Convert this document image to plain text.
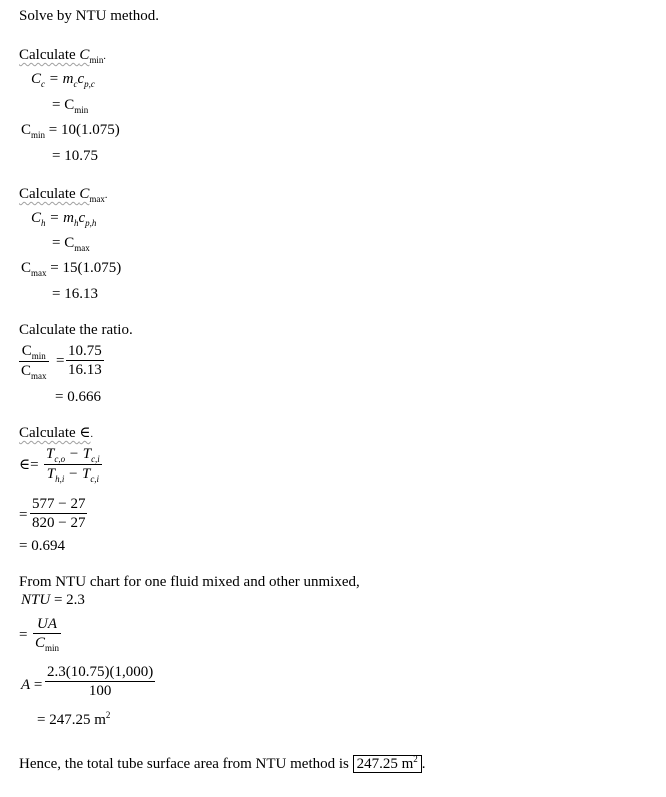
Solve by NTU method.
Calculate $C_{min}$.
$C_c = m_cc_{p,c}$
= $C_{min}$
$C_{min} = 10(1.075)$
= 10.75
Calculate $C_{max}$.
$C_h = m_hc_{p,h}$
= $C_{max}$
$C_{max} = 15(1.075)$
= 16.13
Calculate the ratio.
$C_{min}$
$C_{max}$
= $\frac{10.75}{16.13}$
= 0.666
Calculate ∈.
∈= $\frac{T_{c,o} - T_{c,i}}{T_{h,i} - T_{c,i}}$
= $\frac{577 - 27}{820 - 27}$
= 0.694
From NTU chart for one fluid mixed and other unmixed,
NTU = 2.3
=
UA
$C_{min}$
$A = \frac{2.3(10.75)(1,000)}{100}$
= 247.25 $m^2$
Hence, the total tube surface area from NTU method is 247.25 $m^2$ .
